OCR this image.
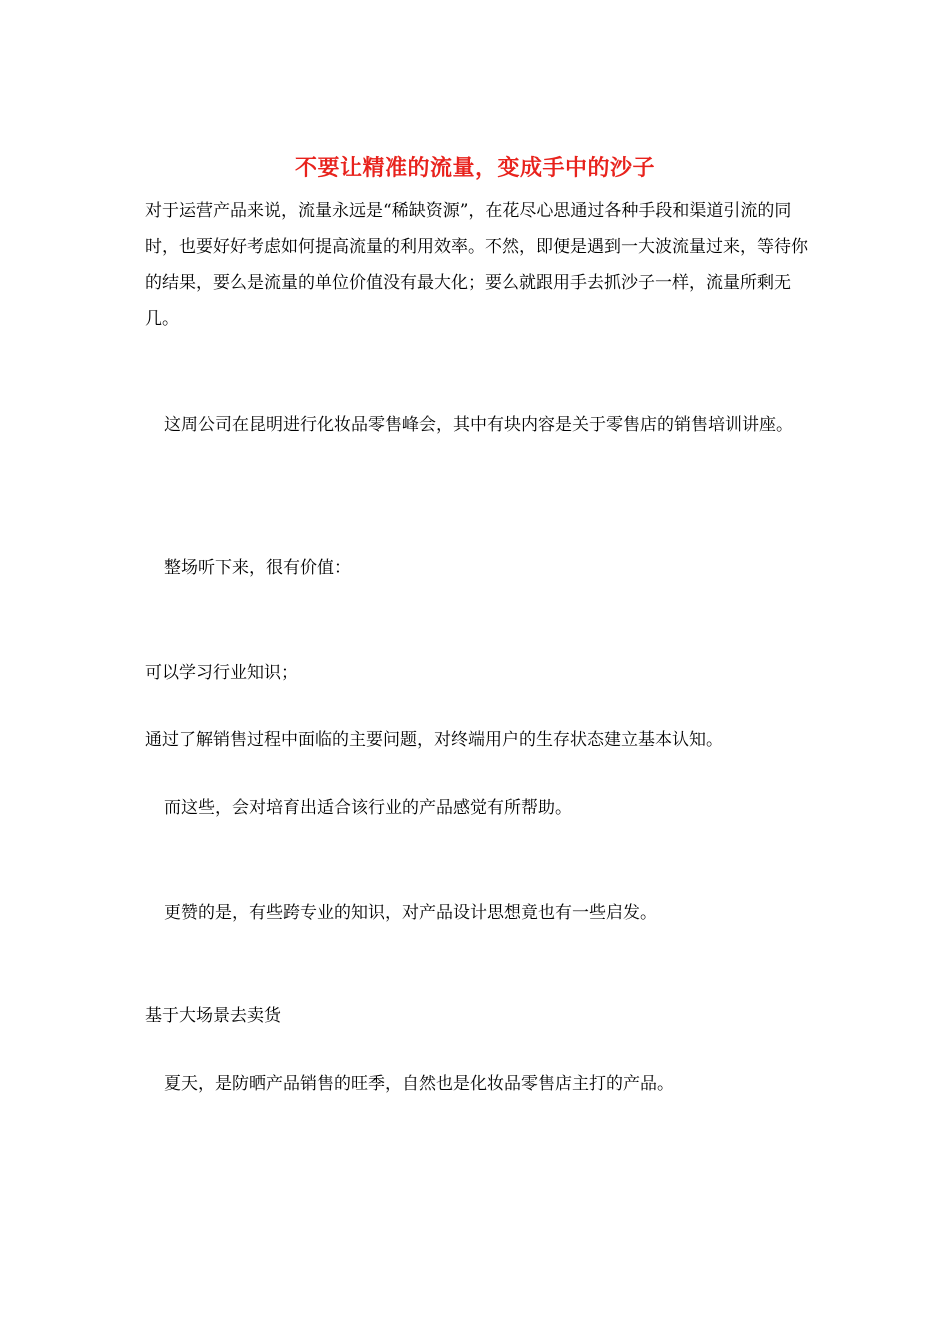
不要让精准的流量，变成手中的沙子

对于运营产品来说，流量永远是“稀缺资源”，在花尽心思通过各种手段和渠道引流的同时，也要好好考虑如何提高流量的利用效率。不然，即便是遇到一大波流量过来，等待你的结果，要么是流量的单位价值没有最大化；要么就跟用手去抓沙子一样，流量所剩无几。

这周公司在昆明进行化妆品零售峰会，其中有块内容是关于零售店的销售培训讲座。

整场听下来，很有价值：

可以学习行业知识；

通过了解销售过程中面临的主要问题，对终端用户的生存状态建立基本认知。

而这些，会对培育出适合该行业的产品感觉有所帮助。

更赞的是，有些跨专业的知识，对产品设计思想竟也有一些启发。

基于大场景去卖货

夏天，是防晒产品销售的旺季，自然也是化妆品零售店主打的产品。
